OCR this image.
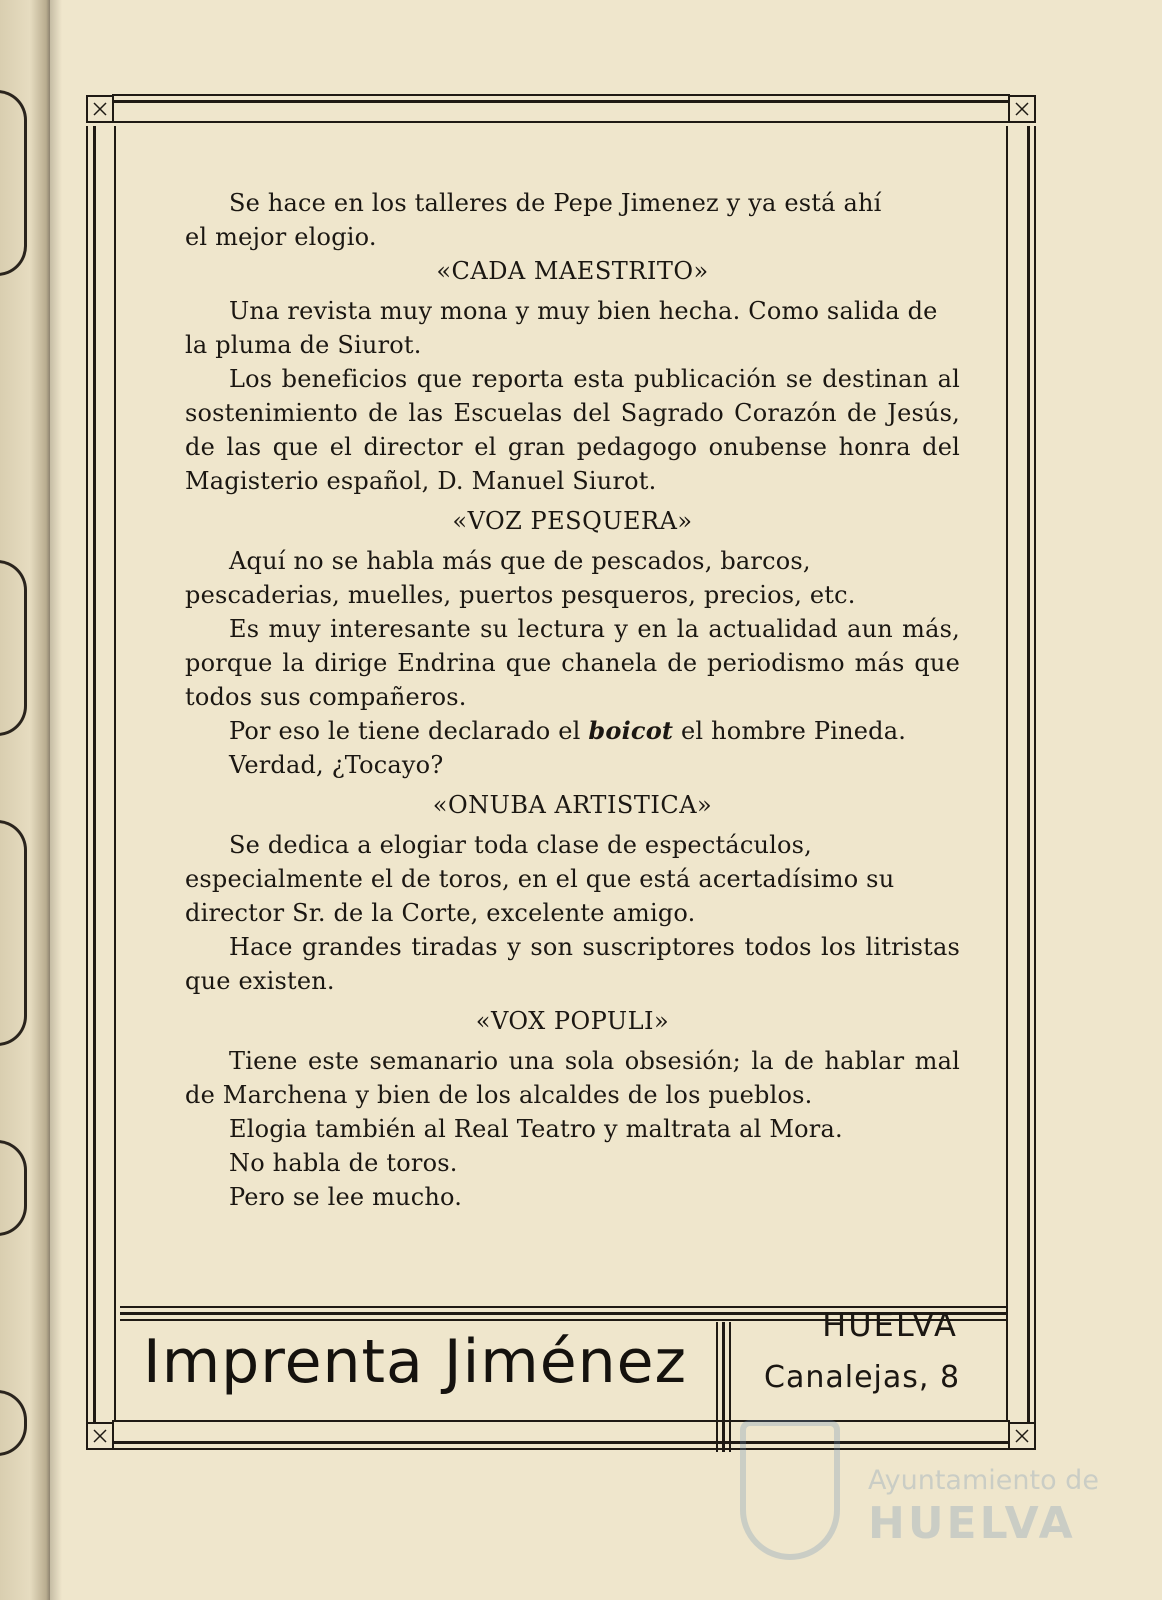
Se hace en los talleres de Pepe Jimenez y ya está ahí

el mejor elogio.

«CADA MAESTRITO»

Una revista muy mona y muy bien hecha. Como salida de la pluma de Siurot.

Los beneficios que reporta esta publicación se destinan al sostenimiento de las Escuelas del Sagrado Corazón de Jesús, de las que el director el gran pedagogo onubense honra del Magisterio español, D. Manuel Siurot.

«VOZ PESQUERA»

Aquí no se habla más que de pescados, barcos, pescaderias, muelles, puertos pesqueros, precios, etc.

Es muy interesante su lectura y en la actualidad aun más, porque la dirige Endrina que chanela de periodismo más que todos sus compañeros.

Por eso le tiene declarado el boicot el hombre Pineda.

Verdad, ¿Tocayo?

«ONUBA ARTISTICA»

Se dedica a elogiar toda clase de espectáculos, especialmente el de toros, en el que está acertadísimo su director Sr. de la Corte, excelente amigo.

Hace grandes tiradas y son suscriptores todos los litristas que existen.

«VOX POPULI»

Tiene este semanario una sola obsesión; la de hablar mal de Marchena y bien de los alcaldes de los pueblos.

Elogia también al Real Teatro y maltrata al Mora.

No habla de toros.

Pero se lee mucho.

Imprenta Jiménez
HUELVA
Canalejas, 8
Ayuntamiento de
HUELVA
